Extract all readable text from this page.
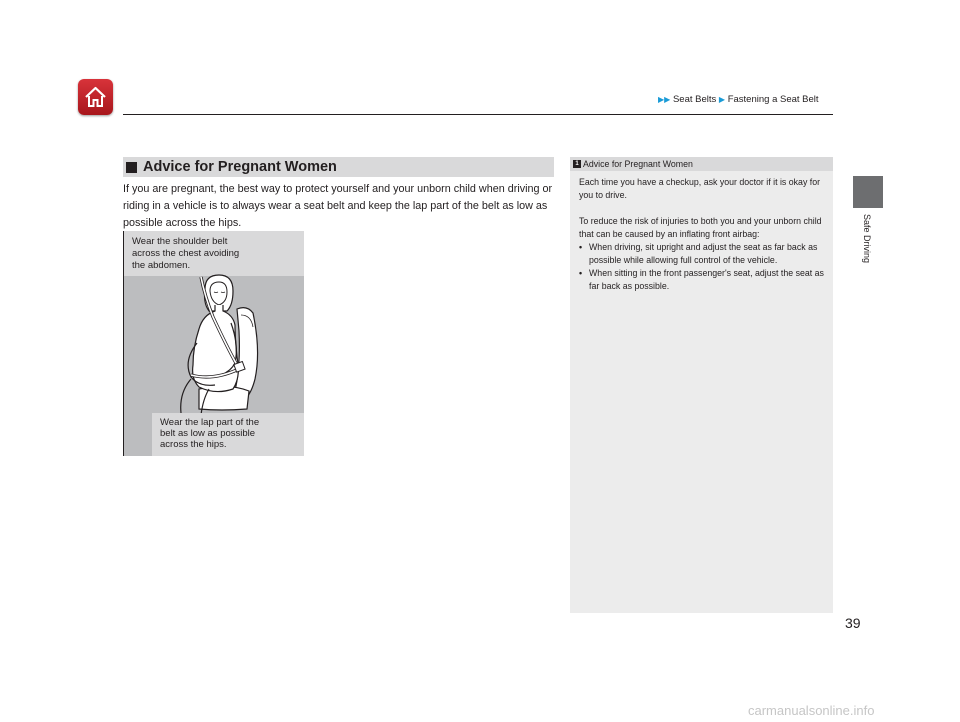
▶▶ Seat Belts ▶ Fastening a Seat Belt
Safe Driving
Advice for Pregnant Women
If you are pregnant, the best way to protect yourself and your unborn child when driving or riding in a vehicle is to always wear a seat belt and keep the lap part of the belt as low as possible across the hips.
Wear the shoulder belt
across the chest avoiding
the abdomen.
Wear the lap part of the
belt as low as possible
across the hips.
1 Advice for Pregnant Women

Each time you have a checkup, ask your doctor if it is okay for you to drive.

To reduce the risk of injuries to both you and your unborn child that can be caused by an inflating front airbag:

• When driving, sit upright and adjust the seat as far back as possible while allowing full control of the vehicle.
• When sitting in the front passenger's seat, adjust the seat as far back as possible.
39
carmanualsonline.info
